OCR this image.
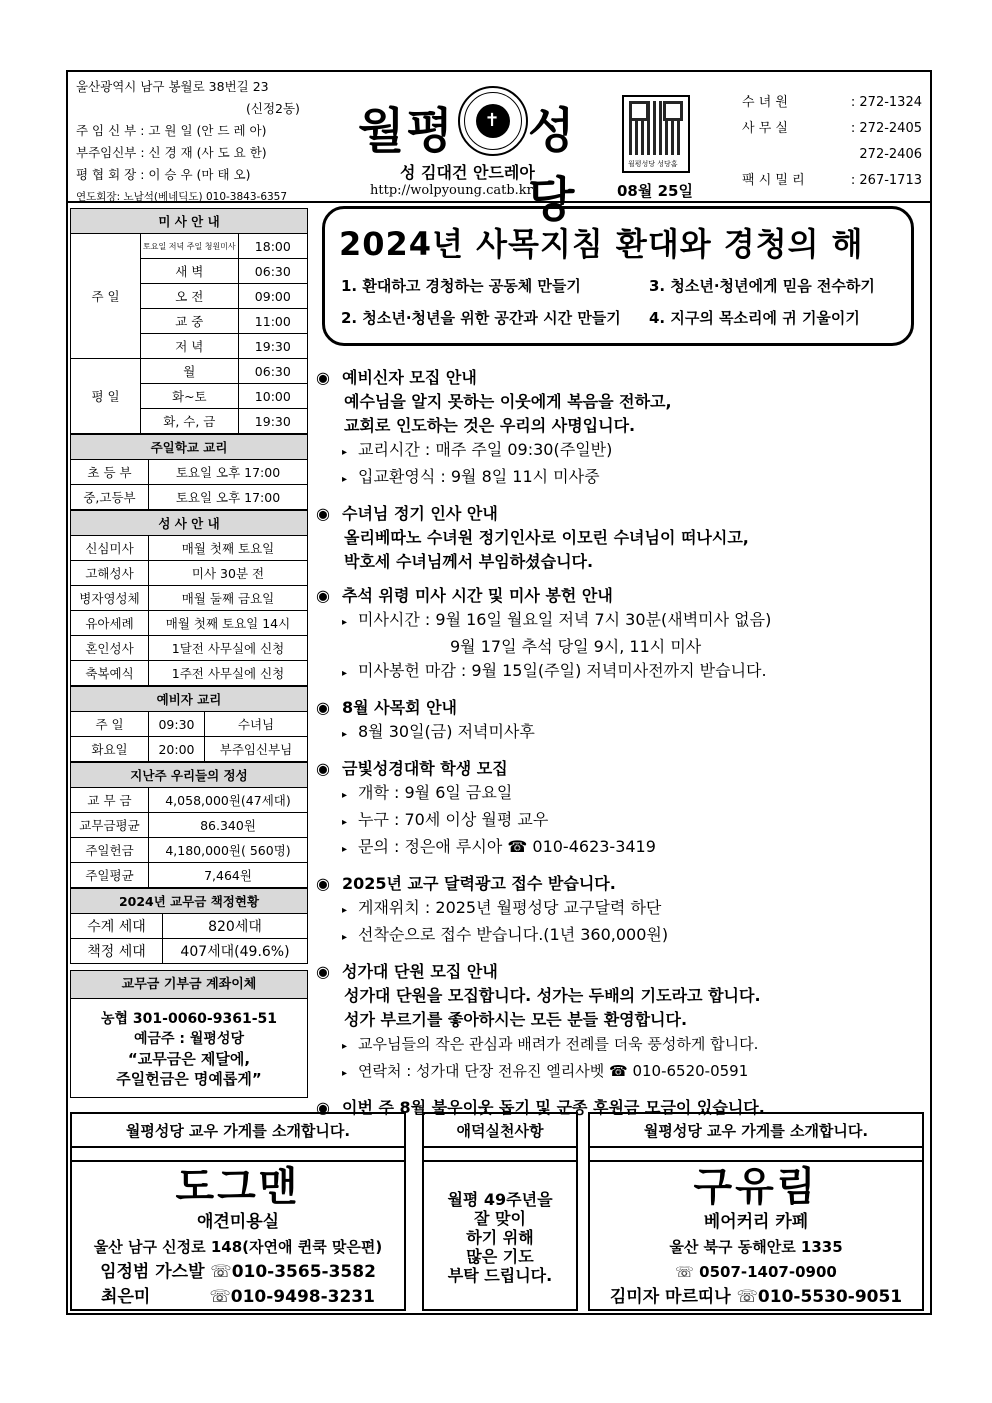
울산광역시 남구 봉월로 38번길 23
(신정2동)
주 임 신 부 : 고 원 일 (안 드 레 아)
부주임신부 : 신 경 재 (사 도 요 한)
평 협 회 장 : 이 승 우 (마 태 오)
연도회장: 노남석(베네딕도) 010-3843-6357
월평	✝ 성당
성 김대건 안드레아
http://wolpyoung.catb.kr	08월 25일
월평성당 성당홈
수 녀 원	: 272-1324
사 무 실	: 272-2405
272-2406
팩 시 밀 리	: 267-1713
미 사 안 내		
주 일	토요일 저녁 주일 청원미사	18:00
	새 벽	06:30
	오 전	09:00
	교 중	11:00
	저 녁	19:30
평 일	월	06:30
	화~토	10:00
	화, 수, 금	19:30
주일학교 교리	
초 등 부	토요일 오후 17:00
중,고등부	토요일 오후 17:00
성 사 안 내	
신심미사	매월 첫째 토요일
고해성사	미사 30분 전
병자영성체	매월 둘째 금요일
유아세례	매월 첫째 토요일 14시
혼인성사	1달전 사무실에 신청
축복예식	1주전 사무실에 신청
예비자 교리		
주 일	09:30	수녀님
화요일	20:00	부주임신부님
지난주 우리들의 정성	
교 무 금	4,058,000원(47세대)
교무금평균	86.340원
주일헌금	4,180,000원( 560명)
주일평균	7,464원
2024년 교무금 책정현황	
수계 세대	820세대
책정 세대	407세대(49.6%)
교무금 기부금 계좌이체
농협 301-0060-9361-51
예금주 : 월평성당
“교무금은 제달에,
주일헌금은 명예롭게”
2024년 사목지침 환대와 경청의 해
1. 환대하고 경청하는 공동체 만들기	3. 청소년·청년에게 믿음 전수하기
2. 청소년·청년을 위한 공간과 시간 만들기 4. 지구의 목소리에 귀 기울이기
◉ 예비신자 모집 안내
예수님을 알지 못하는 이웃에게 복음을 전하고,
교회로 인도하는 것은 우리의 사명입니다.
▸ 교리시간 : 매주 주일 09:30(주일반)
▸ 입교환영식 : 9월 8일 11시 미사중
◉ 수녀님 정기 인사 안내
올리베따노 수녀원 정기인사로 이모린 수녀님이 떠나시고,
박호세 수녀님께서 부임하셨습니다.
◉ 추석 위령 미사 시간 및 미사 봉헌 안내
▸ 미사시간 : 9월 16일 월요일 저녁 7시 30분(새벽미사 없음)
9월 17일 추석 당일 9시, 11시 미사
▸ 미사봉헌 마감 : 9월 15일(주일) 저녁미사전까지 받습니다.
◉ 8월 사목회 안내
▸ 8월 30일(금) 저녁미사후
◉ 금빛성경대학 학생 모집
▸ 개학 : 9월 6일 금요일
▸ 누구 : 70세 이상 월평 교우
▸ 문의 : 정은애 루시아 ☎ 010-4623-3419
◉ 2025년 교구 달력광고 접수 받습니다.
▸ 게재위치 : 2025년 월평성당 교구달력 하단
▸ 선착순으로 접수 받습니다.(1년 360,000원)
◉ 성가대 단원 모집 안내
성가대 단원을 모집합니다. 성가는 두배의 기도라고 합니다.
성가 부르기를 좋아하시는 모든 분들 환영합니다.
▸ 교우님들의 작은 관심과 배려가 전례를 더욱 풍성하게 합니다.
▸ 연락처 : 성가대 단장 전유진 엘리사벳 ☎ 010-6520-0591
◉ 이번 주 8월 불우이웃 돕기 및 군종 후원금 모금이 있습니다.
월평성당 교우 가게를 소개합니다.
도그맨
애견미용실
울산 남구 신정로 148(자연애 퀸쿡 맞은편)
임정범 가스발 ☏010-3565-3582
최은미          ☏010-9498-3231
애덕실천사항
월평 49주년을
잘 맞이
하기 위해
많은 기도
부탁 드립니다.
월평성당 교우 가게를 소개합니다.
구유림
베어커리 카페
울산 북구 동해안로 1335
☏ 0507-1407-0900
김미자 마르띠나 ☏010-5530-9051
